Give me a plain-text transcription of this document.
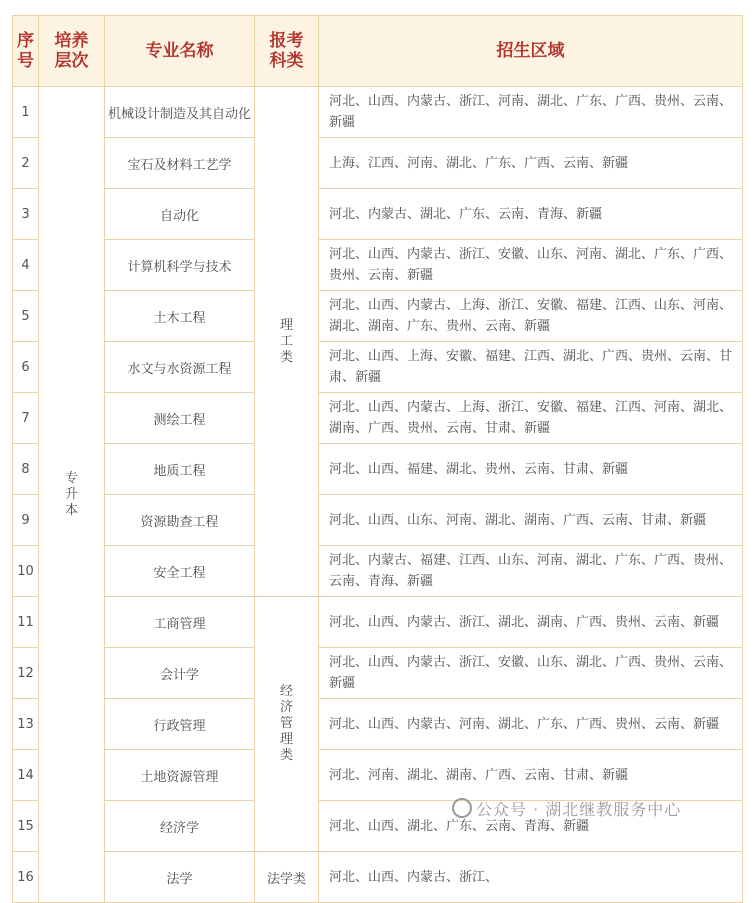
序号	培养层次	专业名称	报考科类	招生区域
1	专升本	机械设计制造及其自动化	理工类	河北、山西、内蒙古、浙江、河南、湖北、广东、广西、贵州、云南、新疆
2		宝石及材料工艺学		上海、江西、河南、湖北、广东、广西、云南、新疆
3		自动化		河北、内蒙古、湖北、广东、云南、青海、新疆
4		计算机科学与技术		河北、山西、内蒙古、浙江、安徽、山东、河南、湖北、广东、广西、贵州、云南、新疆
5		土木工程		河北、山西、内蒙古、上海、浙江、安徽、福建、江西、山东、河南、湖北、湖南、广东、贵州、云南、新疆
6		水文与水资源工程		河北、山西、上海、安徽、福建、江西、湖北、广西、贵州、云南、甘肃、新疆
7		测绘工程		河北、山西、内蒙古、上海、浙江、安徽、福建、江西、河南、湖北、湖南、广西、贵州、云南、甘肃、新疆
8		地质工程		河北、山西、福建、湖北、贵州、云南、甘肃、新疆
9		资源勘查工程		河北、山西、山东、河南、湖北、湖南、广西、云南、甘肃、新疆
10		安全工程		河北、内蒙古、福建、江西、山东、河南、湖北、广东、广西、贵州、云南、青海、新疆
11		工商管理	经济管理类	河北、山西、内蒙古、浙江、湖北、湖南、广西、贵州、云南、新疆
12		会计学		河北、山西、内蒙古、浙江、安徽、山东、湖北、广西、贵州、云南、新疆
13		行政管理		河北、山西、内蒙古、河南、湖北、广东、广西、贵州、云南、新疆
14		土地资源管理		河北、河南、湖北、湖南、广西、云南、甘肃、新疆
15		经济学		河北、山西、湖北、广东、云南、青海、新疆
16		法学	法学类	河北、山西、内蒙古、浙江、
公众号 · 湖北继教服务中心
